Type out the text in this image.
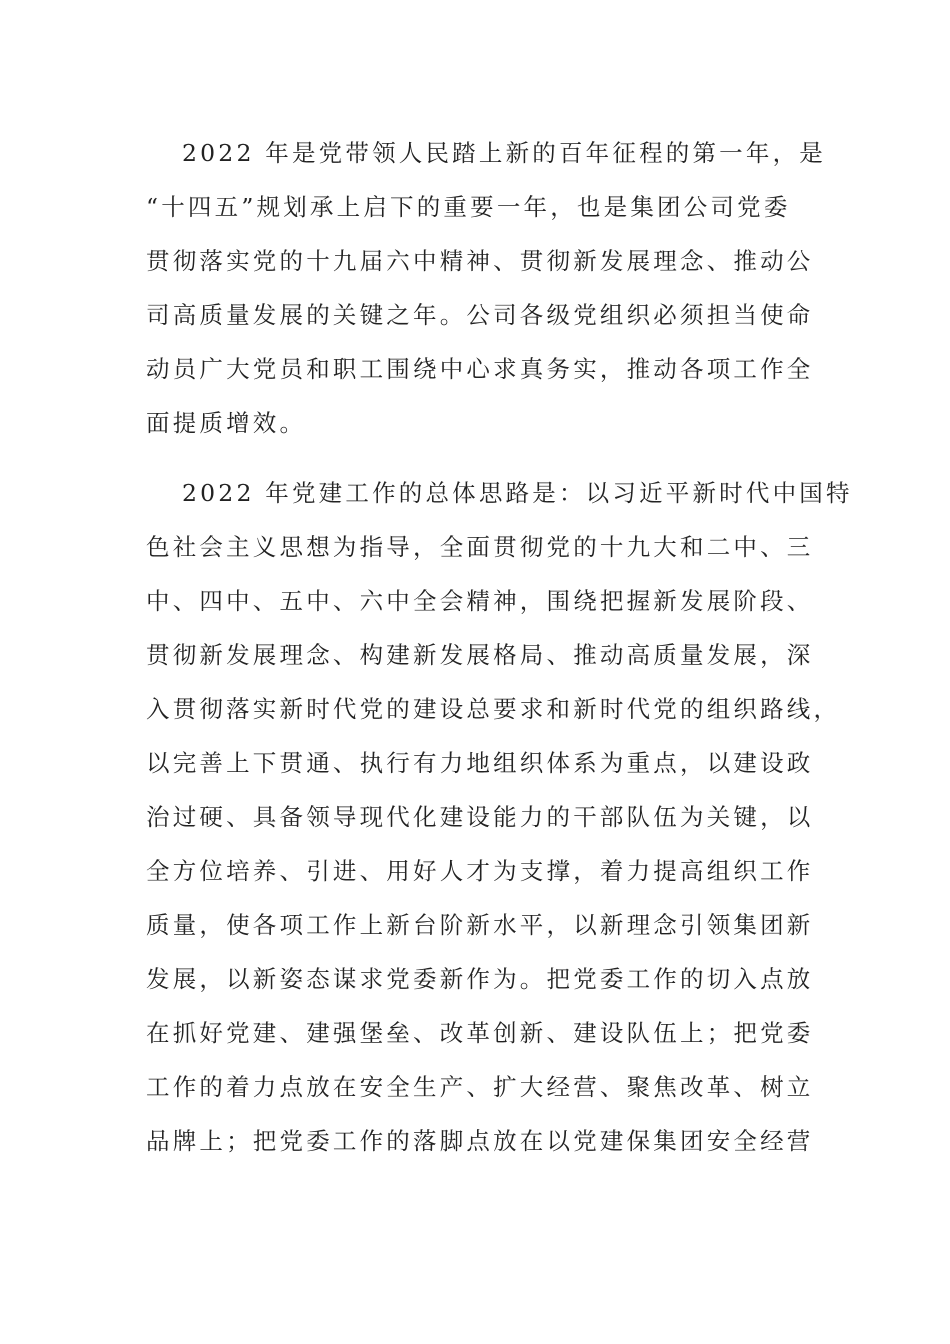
2022 年是党带领人民踏上新的百年征程的第一年，是
“十四五”规划承上启下的重要一年，也是集团公司党委
贯彻落实党的十九届六中精神、贯彻新发展理念、推动公
司高质量发展的关键之年。公司各级党组织必须担当使命
动员广大党员和职工围绕中心求真务实，推动各项工作全
面提质增效。
2022 年党建工作的总体思路是：以习近平新时代中国特
色社会主义思想为指导，全面贯彻党的十九大和二中、三
中、四中、五中、六中全会精神，围绕把握新发展阶段、
贯彻新发展理念、构建新发展格局、推动高质量发展，深
入贯彻落实新时代党的建设总要求和新时代党的组织路线，
以完善上下贯通、执行有力地组织体系为重点，以建设政
治过硬、具备领导现代化建设能力的干部队伍为关键，以
全方位培养、引进、用好人才为支撑，着力提高组织工作
质量，使各项工作上新台阶新水平，以新理念引领集团新
发展，以新姿态谋求党委新作为。把党委工作的切入点放
在抓好党建、建强堡垒、改革创新、建设队伍上；把党委
工作的着力点放在安全生产、扩大经营、聚焦改革、树立
品牌上；把党委工作的落脚点放在以党建保集团安全经营
